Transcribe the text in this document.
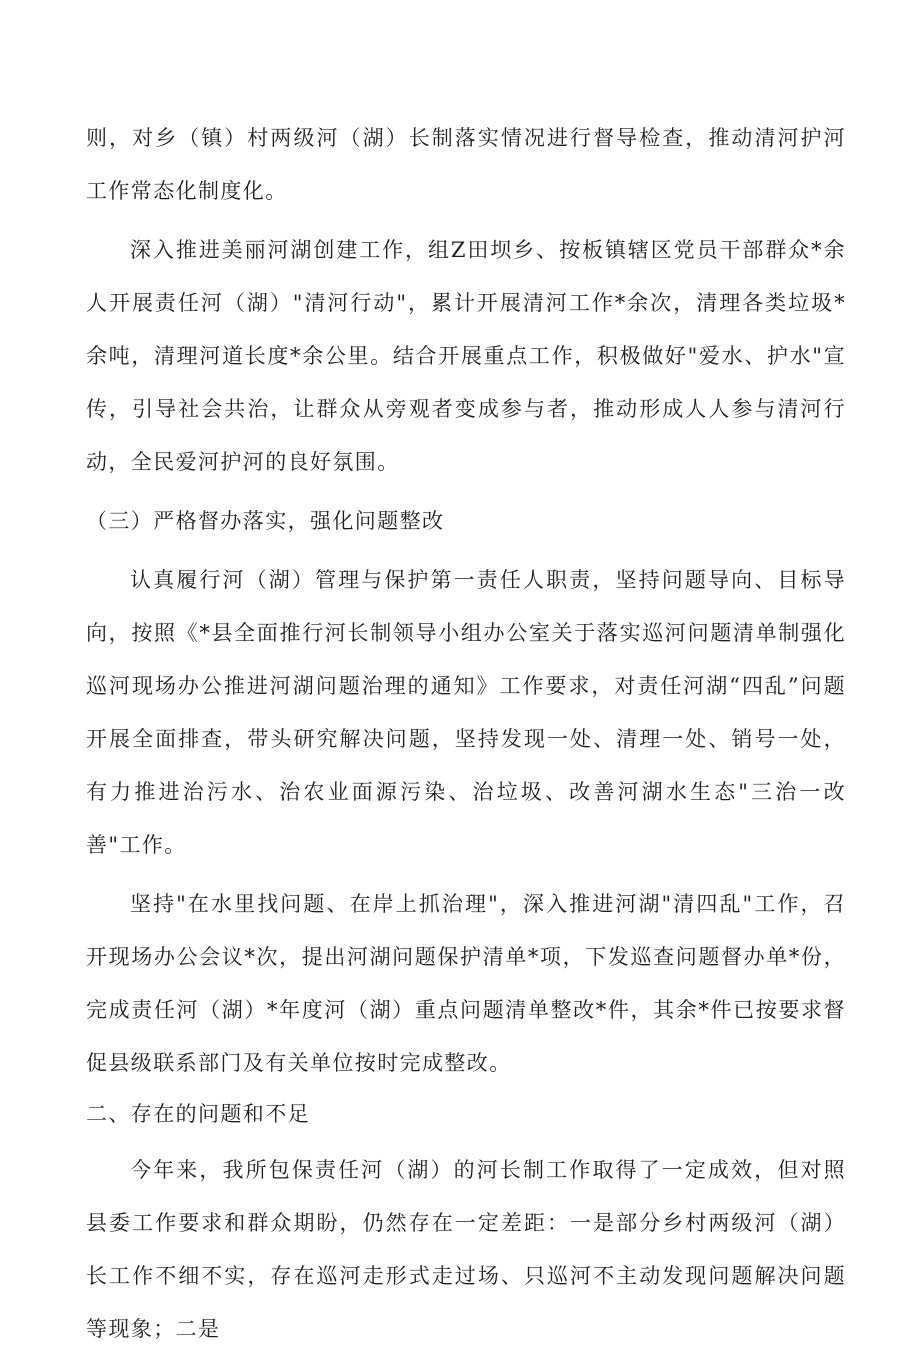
则，对乡（镇）村两级河（湖）长制落实情况进行督导检查，推动清河护河工作常态化制度化。

深入推进美丽河湖创建工作，组Z田坝乡、按板镇辖区党员干部群众*余人开展责任河（湖）"清河行动"，累计开展清河工作*余次，清理各类垃圾*余吨，清理河道长度*余公里。结合开展重点工作，积极做好"爱水、护水"宣传，引导社会共治，让群众从旁观者变成参与者，推动形成人人参与清河行动，全民爱河护河的良好氛围。

（三）严格督办落实，强化问题整改

认真履行河（湖）管理与保护第一责任人职责，坚持问题导向、目标导向，按照《*县全面推行河长制领导小组办公室关于落实巡河问题清单制强化巡河现场办公推进河湖问题治理的通知》工作要求，对责任河湖“四乱”问题开展全面排查，带头研究解决问题，坚持发现一处、清理一处、销号一处，有力推进治污水、治农业面源污染、治垃圾、改善河湖水生态"三治一改善"工作。

坚持"在水里找问题、在岸上抓治理"，深入推进河湖"清四乱"工作，召开现场办公会议*次，提出河湖问题保护清单*项，下发巡查问题督办单*份，完成责任河（湖）*年度河（湖）重点问题清单整改*件，其余*件已按要求督促县级联系部门及有关单位按时完成整改。

二、存在的问题和不足

今年来，我所包保责任河（湖）的河长制工作取得了一定成效，但对照县委工作要求和群众期盼，仍然存在一定差距：一是部分乡村两级河（湖）长工作不细不实，存在巡河走形式走过场、只巡河不主动发现问题解决问题等现象；二是
